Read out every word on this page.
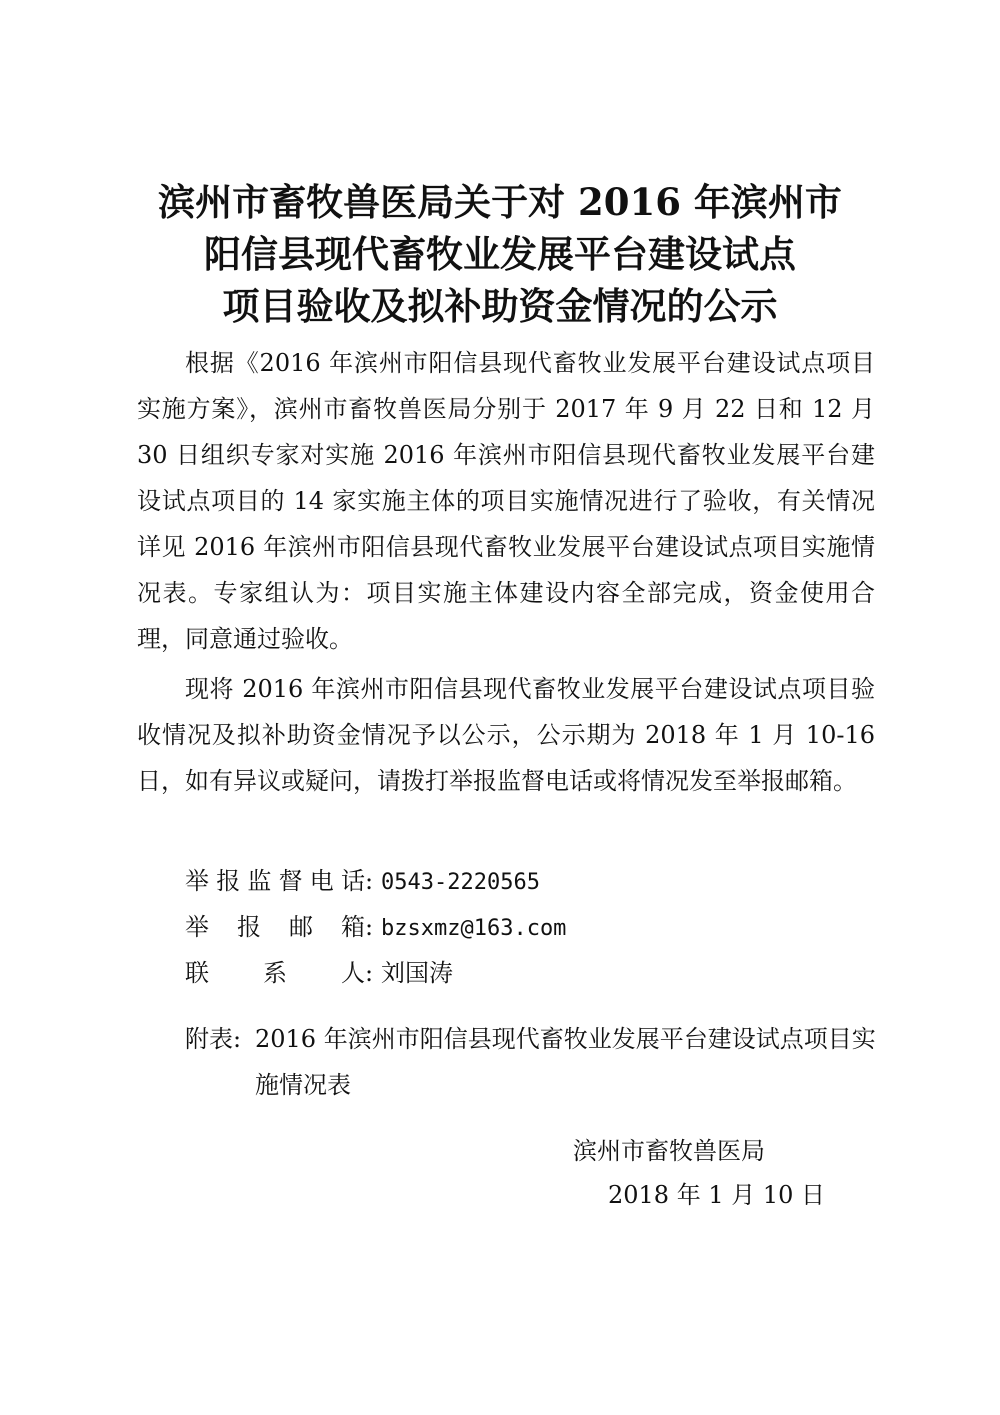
滨州市畜牧兽医局关于对 2016 年滨州市
阳信县现代畜牧业发展平台建设试点
项目验收及拟补助资金情况的公示

根据《2016 年滨州市阳信县现代畜牧业发展平台建设试点项目实施方案》，滨州市畜牧兽医局分别于 2017 年 9 月 22 日和 12 月 30 日组织专家对实施 2016 年滨州市阳信县现代畜牧业发展平台建设试点项目的 14 家实施主体的项目实施情况进行了验收，有关情况详见 2016 年滨州市阳信县现代畜牧业发展平台建设试点项目实施情况表。专家组认为：项目实施主体建设内容全部完成，资金使用合理，同意通过验收。

现将 2016 年滨州市阳信县现代畜牧业发展平台建设试点项目验收情况及拟补助资金情况予以公示，公示期为 2018 年 1 月 10-16 日，如有异议或疑问，请拨打举报监督电话或将情况发至举报邮箱。

举报监督电话: 0543-2220565
举报邮箱: bzsxmz@163.com
联系人: 刘国涛
附表: 2016 年滨州市阳信县现代畜牧业发展平台建设试点项目实施情况表
滨州市畜牧兽医局
2018 年 1 月 10 日
